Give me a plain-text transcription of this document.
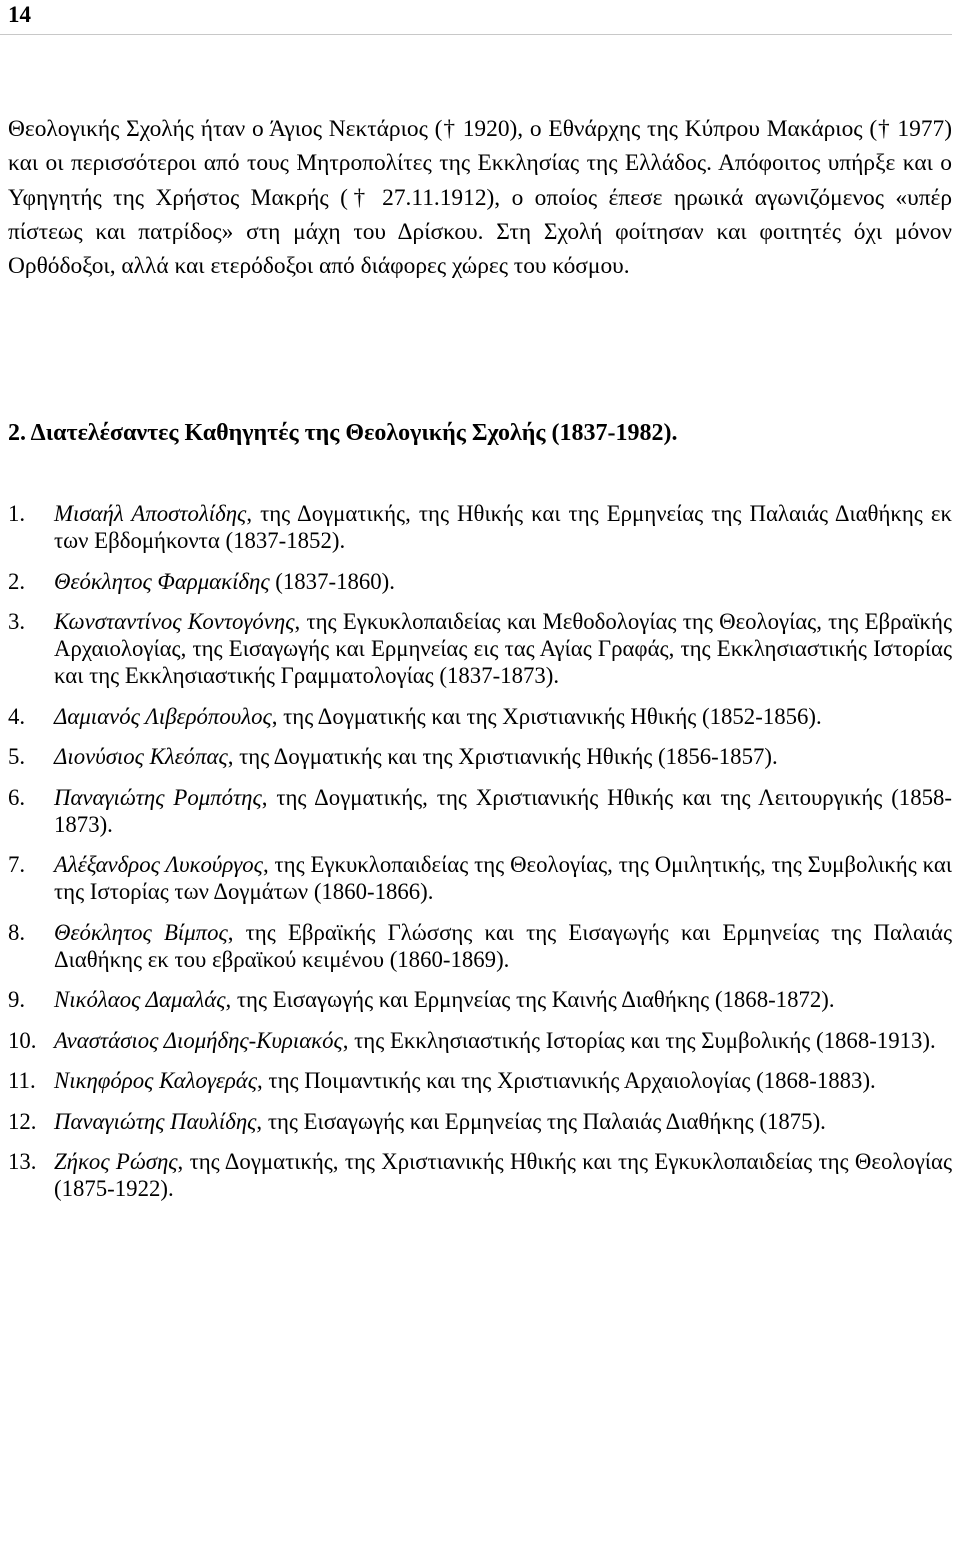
14

Θεολογικής Σχολής ήταν ο Άγιος Νεκτάριος († 1920), ο Εθνάρχης της Κύπρου Μακάριος († 1977) και οι περισσότεροι από τους Μητροπολίτες της Εκκλησίας της Ελλάδος. Απόφοιτος υπήρξε και ο Υφηγητής της Χρήστος Μακρής († 27.11.1912), ο οποίος έπεσε ηρωικά αγωνιζόμενος «υπέρ πίστεως και πατρίδος» στη μάχη του Δρίσκου. Στη Σχολή φοίτησαν και φοιτητές όχι μόνον Ορθόδοξοι, αλλά και ετερόδοξοι από διάφορες χώρες του κόσμου.

2. Διατελέσαντες Καθηγητές της Θεολογικής Σχολής (1837-1982).
1.	Μισαήλ Αποστολίδης, της Δογματικής, της Ηθικής και της Ερμηνείας της Παλαιάς Διαθήκης εκ των Εβδομήκοντα (1837-1852).
2.	Θεόκλητος Φαρμακίδης (1837-1860).
3.	Κωνσταντίνος Κοντογόνης, της Εγκυκλοπαιδείας και Μεθοδολογίας της Θεολογίας, της Εβραϊκής Αρχαιολογίας, της Εισαγωγής και Ερμηνείας εις τας Αγίας Γραφάς, της Εκκλησιαστικής Ιστορίας και της Εκκλησιαστικής Γραμματολογίας (1837-1873).
4.	Δαμιανός Λιβερόπουλος, της Δογματικής και της Χριστιανικής Ηθικής (1852-1856).
5.	Διονύσιος Κλεόπας, της Δογματικής και της Χριστιανικής Ηθικής (1856-1857).
6.	Παναγιώτης Ρομπότης, της Δογματικής, της Χριστιανικής Ηθικής και της Λειτουργικής (1858-1873).
7.	Αλέξανδρος Λυκούργος, της Εγκυκλοπαιδείας της Θεολογίας, της Ομιλητικής, της Συμβολικής και της Ιστορίας των Δογμάτων (1860-1866).
8.	Θεόκλητος Βίμπος, της Εβραϊκής Γλώσσης και της Εισαγωγής και Ερμηνείας της Παλαιάς Διαθήκης εκ του εβραϊκού κειμένου (1860-1869).
9.	Νικόλαος Δαμαλάς, της Εισαγωγής και Ερμηνείας της Καινής Διαθήκης (1868-1872).
10. Αναστάσιος Διομήδης-Κυριακός, της Εκκλησιαστικής Ιστορίας και της Συμβολικής (1868-1913).
11. Νικηφόρος Καλογεράς, της Ποιμαντικής και της Χριστιανικής Αρχαιολογίας (1868-1883).
12. Παναγιώτης Παυλίδης, της Εισαγωγής και Ερμηνείας της Παλαιάς Διαθήκης (1875).
13. Ζήκος Ρώσης, της Δογματικής, της Χριστιανικής Ηθικής και της Εγκυκλοπαιδείας της Θεολογίας (1875-1922).
